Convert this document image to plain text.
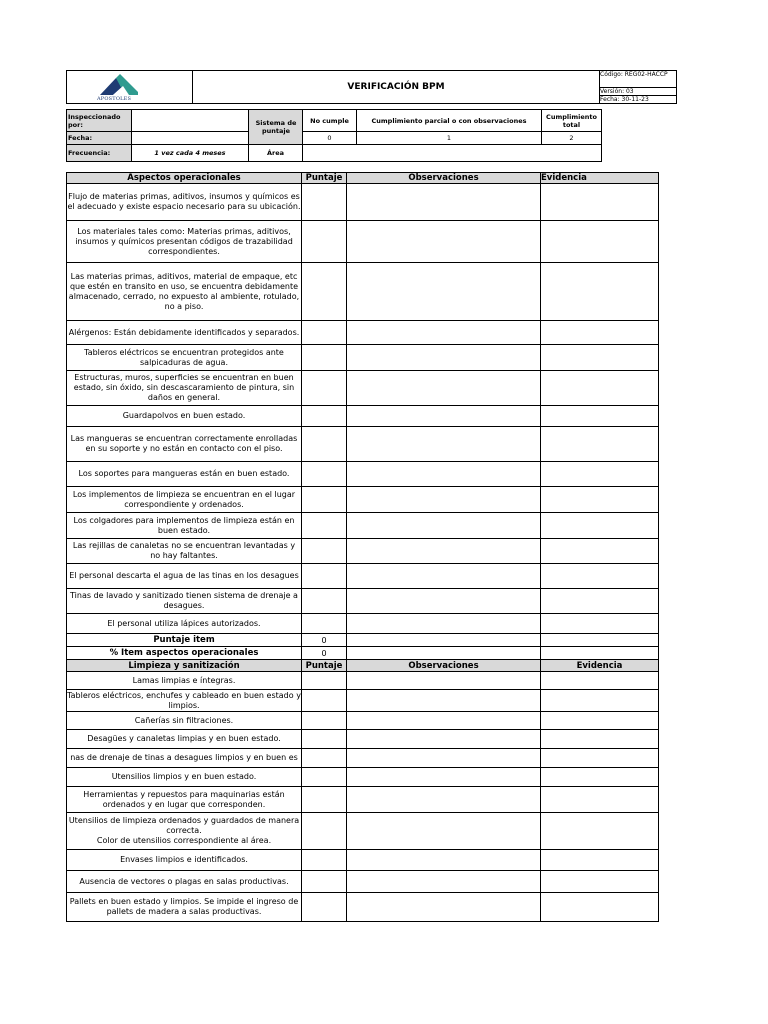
APOSTOLES
	VERIFICACIÓN BPM	Código: REG02-HACCP
Versión: 03
Fecha: 30-11-23
Inspeccionado por:		Sistema de puntaje	No cumple	Cumplimiento parcial o con observaciones	Cumplimiento total
Fecha:			0	1	2
Frecuencia:	1 vez cada 4 meses	Área			
Aspectos operacionales	Puntaje	Observaciones	Evidencia
Flujo de materias primas, aditivos, insumos y químicos es el adecuado y existe espacio necesario para su ubicación.			
Los materiales tales como: Materias primas, aditivos, insumos y químicos presentan códigos de trazabilidad correspondientes.			
Las materias primas, aditivos, material de empaque, etc que estén en transito en uso, se encuentra debidamente almacenado, cerrado, no expuesto al ambiente, rotulado, no a piso.			
Alérgenos: Están debidamente identificados y separados.			
Tableros eléctricos se encuentran protegidos ante salpicaduras de agua.			
Estructuras, muros, superficies se encuentran en buen estado, sin óxido, sin descascaramiento de pintura, sin daños en general.			
Guardapolvos en buen estado.			
Las mangueras se encuentran correctamente enrolladas en su soporte y no están en contacto con el piso.			
Los soportes para mangueras están en buen estado.			
Los implementos de limpieza se encuentran en el lugar correspondiente y ordenados.			
Los colgadores para implementos de limpieza están en buen estado.			
Las rejillas de canaletas no se encuentran levantadas y no hay faltantes.			
El personal descarta el agua de las tinas en los desagues			
Tinas de lavado y sanitizado tienen sistema de drenaje a desagues.			
El personal utiliza lápices autorizados.			
Puntaje item	0		
% Item aspectos operacionales	0		
Limpieza y sanitización	Puntaje	Observaciones	Evidencia
Lamas limpias e íntegras.			
Tableros eléctricos, enchufes y cableado en buen estado y limpios.			
Cañerías sin filtraciones.			
Desagües y canaletas limpias y en buen estado.			
nas de drenaje de tinas a desagues limpios y en buen es			
Utensilios limpios y en buen estado.			
Herramientas y repuestos para maquinarias están ordenados y en lugar que corresponden.			
Utensilios de limpieza ordenados y guardados de manera correcta.
Color de utensilios correspondiente al área.			
Envases limpios e identificados.			
Ausencia de vectores o plagas en salas productivas.			
Pallets en buen estado y limpios. Se impide el ingreso de pallets de madera a salas productivas.			
